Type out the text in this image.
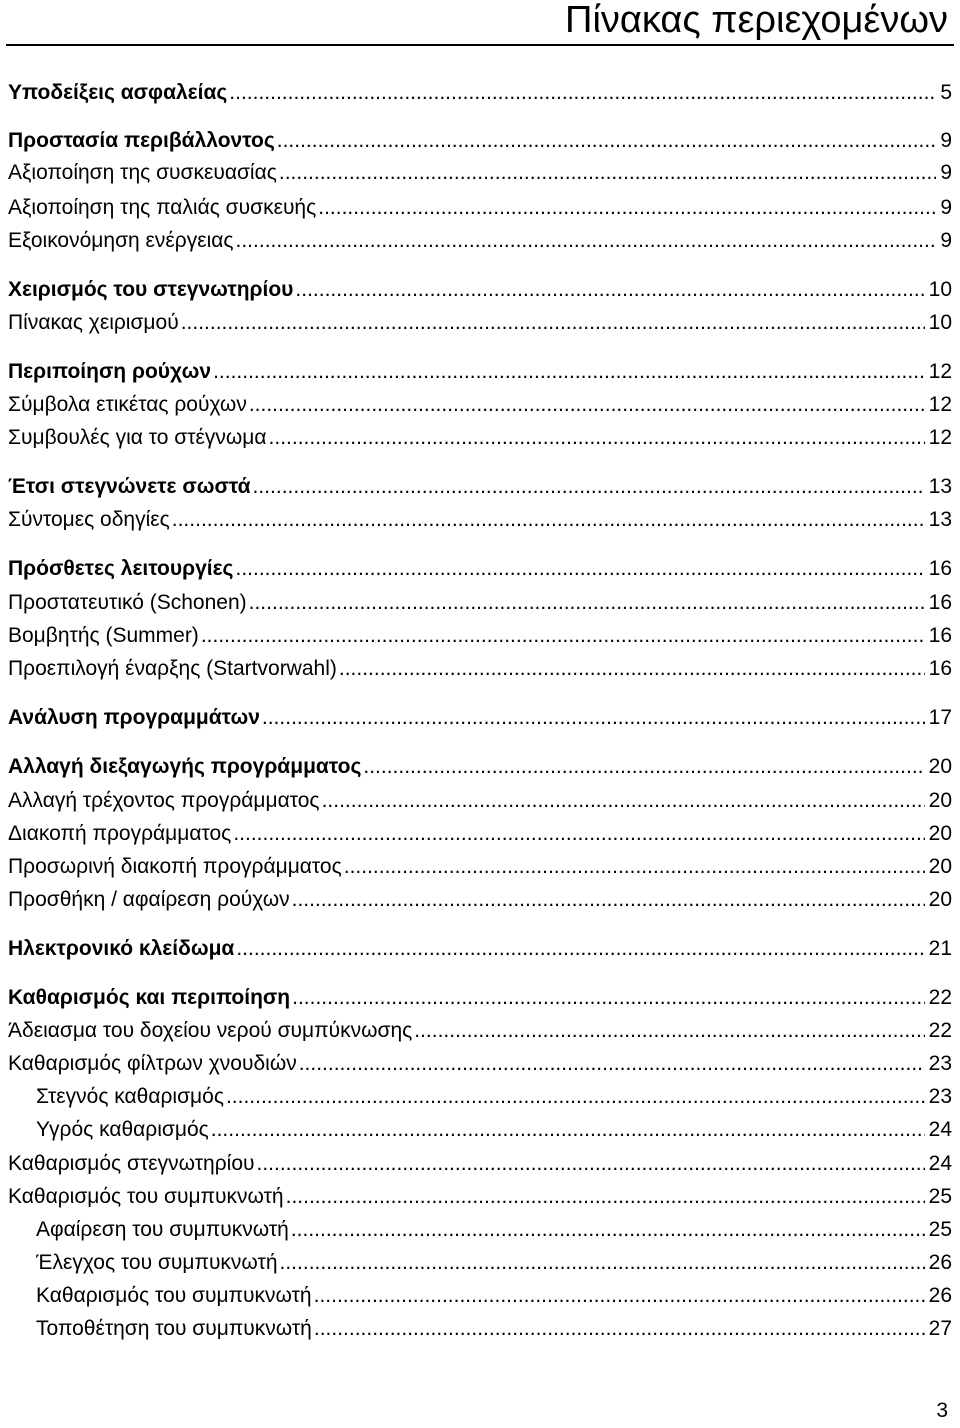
Πίνακας περιεχομένων
Υποδείξεις ασφαλείας .....	5
Προστασία περιβάλλοντος .....	9
Αξιοποίηση της συσκευασίας .....	9
Αξιοποίηση της παλιάς συσκευής .....	9
Εξοικονόμηση ενέργειας .....	9
Χειρισμός του στεγνωτηρίου .....	10
Πίνακας χειρισμού .....	10
Περιποίηση ρούχων .....	12
Σύμβολα ετικέτας ρούχων .....	12
Συμβουλές για το στέγνωμα .....	12
Έτσι στεγνώνετε σωστά .....	13
Σύντομες οδηγίες .....	13
Πρόσθετες λειτουργίες .....	16
Προστατευτικό (Schonen) .....	16
Βομβητής (Summer) .....	16
Προεπιλογή έναρξης (Startvorwahl) .....	16
Ανάλυση προγραμμάτων .....	17
Αλλαγή διεξαγωγής προγράμματος .....	20
Αλλαγή τρέχοντος προγράμματος .....	20
Διακοπή προγράμματος .....	20
Προσωρινή διακοπή προγράμματος .....	20
Προσθήκη / αφαίρεση ρούχων .....	20
Ηλεκτρονικό κλείδωμα .....	21
Καθαρισμός και περιποίηση .....	22
Άδειασμα του δοχείου νερού συμπύκνωσης .....	22
Καθαρισμός φίλτρων χνουδιών .....	23
Στεγνός καθαρισμός .....	23
Υγρός καθαρισμός .....	24
Καθαρισμός στεγνωτηρίου .....	24
Καθαρισμός του συμπυκνωτή .....	25
Αφαίρεση του συμπυκνωτή .....	25
Έλεγχος του συμπυκνωτή .....	26
Καθαρισμός του συμπυκνωτή .....	26
Τοποθέτηση του συμπυκνωτή .....	27
3
